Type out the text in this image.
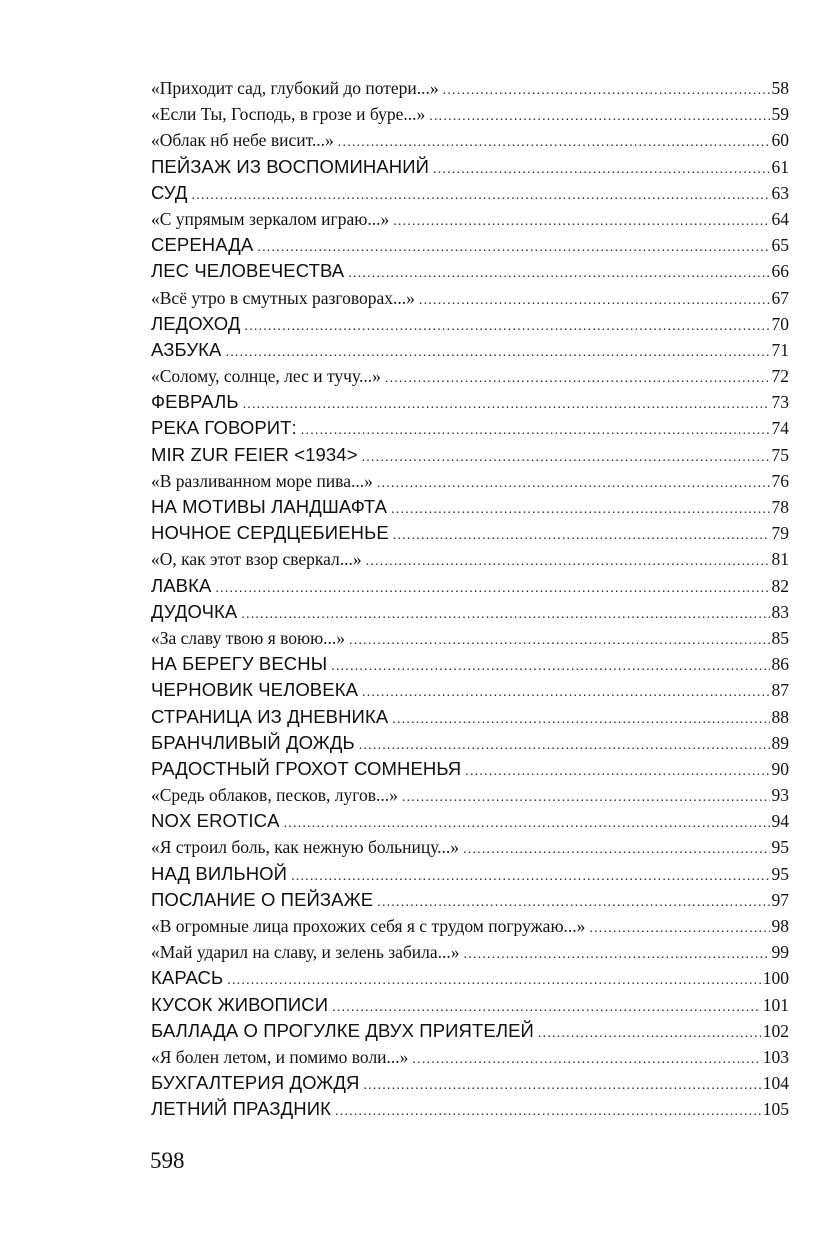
«Приходит сад, глубокий до потери...» .....	58
«Если Ты, Господь, в грозе и буре...» .....	59
«Облак нб небе висит...» .....	60
ПЕЙЗАЖ ИЗ ВОСПОМИНАНИЙ .....	61
СУД .....	63
«С упрямым зеркалом играю...» .....	64
СЕРЕНАДА .....	65
ЛЕС ЧЕЛОВЕЧЕСТВА .....	66
«Всё утро в смутных разговорах...» .....	67
ЛЕДОХОД .....	70
АЗБУКА .....	71
«Солому, солнце, лес и тучу...» .....	72
ФЕВРАЛЬ .....	73
РЕКА ГОВОРИТ: .....	74
MIR ZUR FEIER <1934> .....	75
«В разливанном море пива...» .....	76
НА МОТИВЫ ЛАНДШАФТА .....	78
НОЧНОЕ СЕРДЦЕБИЕНЬЕ .....	79
«О, как этот взор сверкал...» .....	81
ЛАВКА .....	82
ДУДОЧКА .....	83
«За славу твою я воюю...» .....	85
НА БЕРЕГУ ВЕСНЫ .....	86
ЧЕРНОВИК ЧЕЛОВЕКА .....	87
СТРАНИЦА ИЗ ДНЕВНИКА .....	88
БРАНЧЛИВЫЙ ДОЖДЬ .....	89
РАДОСТНЫЙ ГРОХОТ СОМНЕНЬЯ .....	90
«Средь облаков, песков, лугов...» .....	93
NOX EROTICA .....	94
«Я строил боль, как нежную больницу...» .....	95
НАД ВИЛЬНОЙ .....	95
ПОСЛАНИЕ О ПЕЙЗАЖЕ .....	97
«В огромные лица прохожих себя я с трудом погружаю...» .....	98
«Май ударил на славу, и зелень забила...» .....	99
КАРАСЬ .....	100
КУСОК ЖИВОПИСИ .....	101
БАЛЛАДА О ПРОГУЛКЕ ДВУХ ПРИЯТЕЛЕЙ .....	102
«Я болен летом, и помимо воли...» .....	103
БУХГАЛТЕРИЯ ДОЖДЯ .....	104
ЛЕТНИЙ ПРАЗДНИК .....	105
598
